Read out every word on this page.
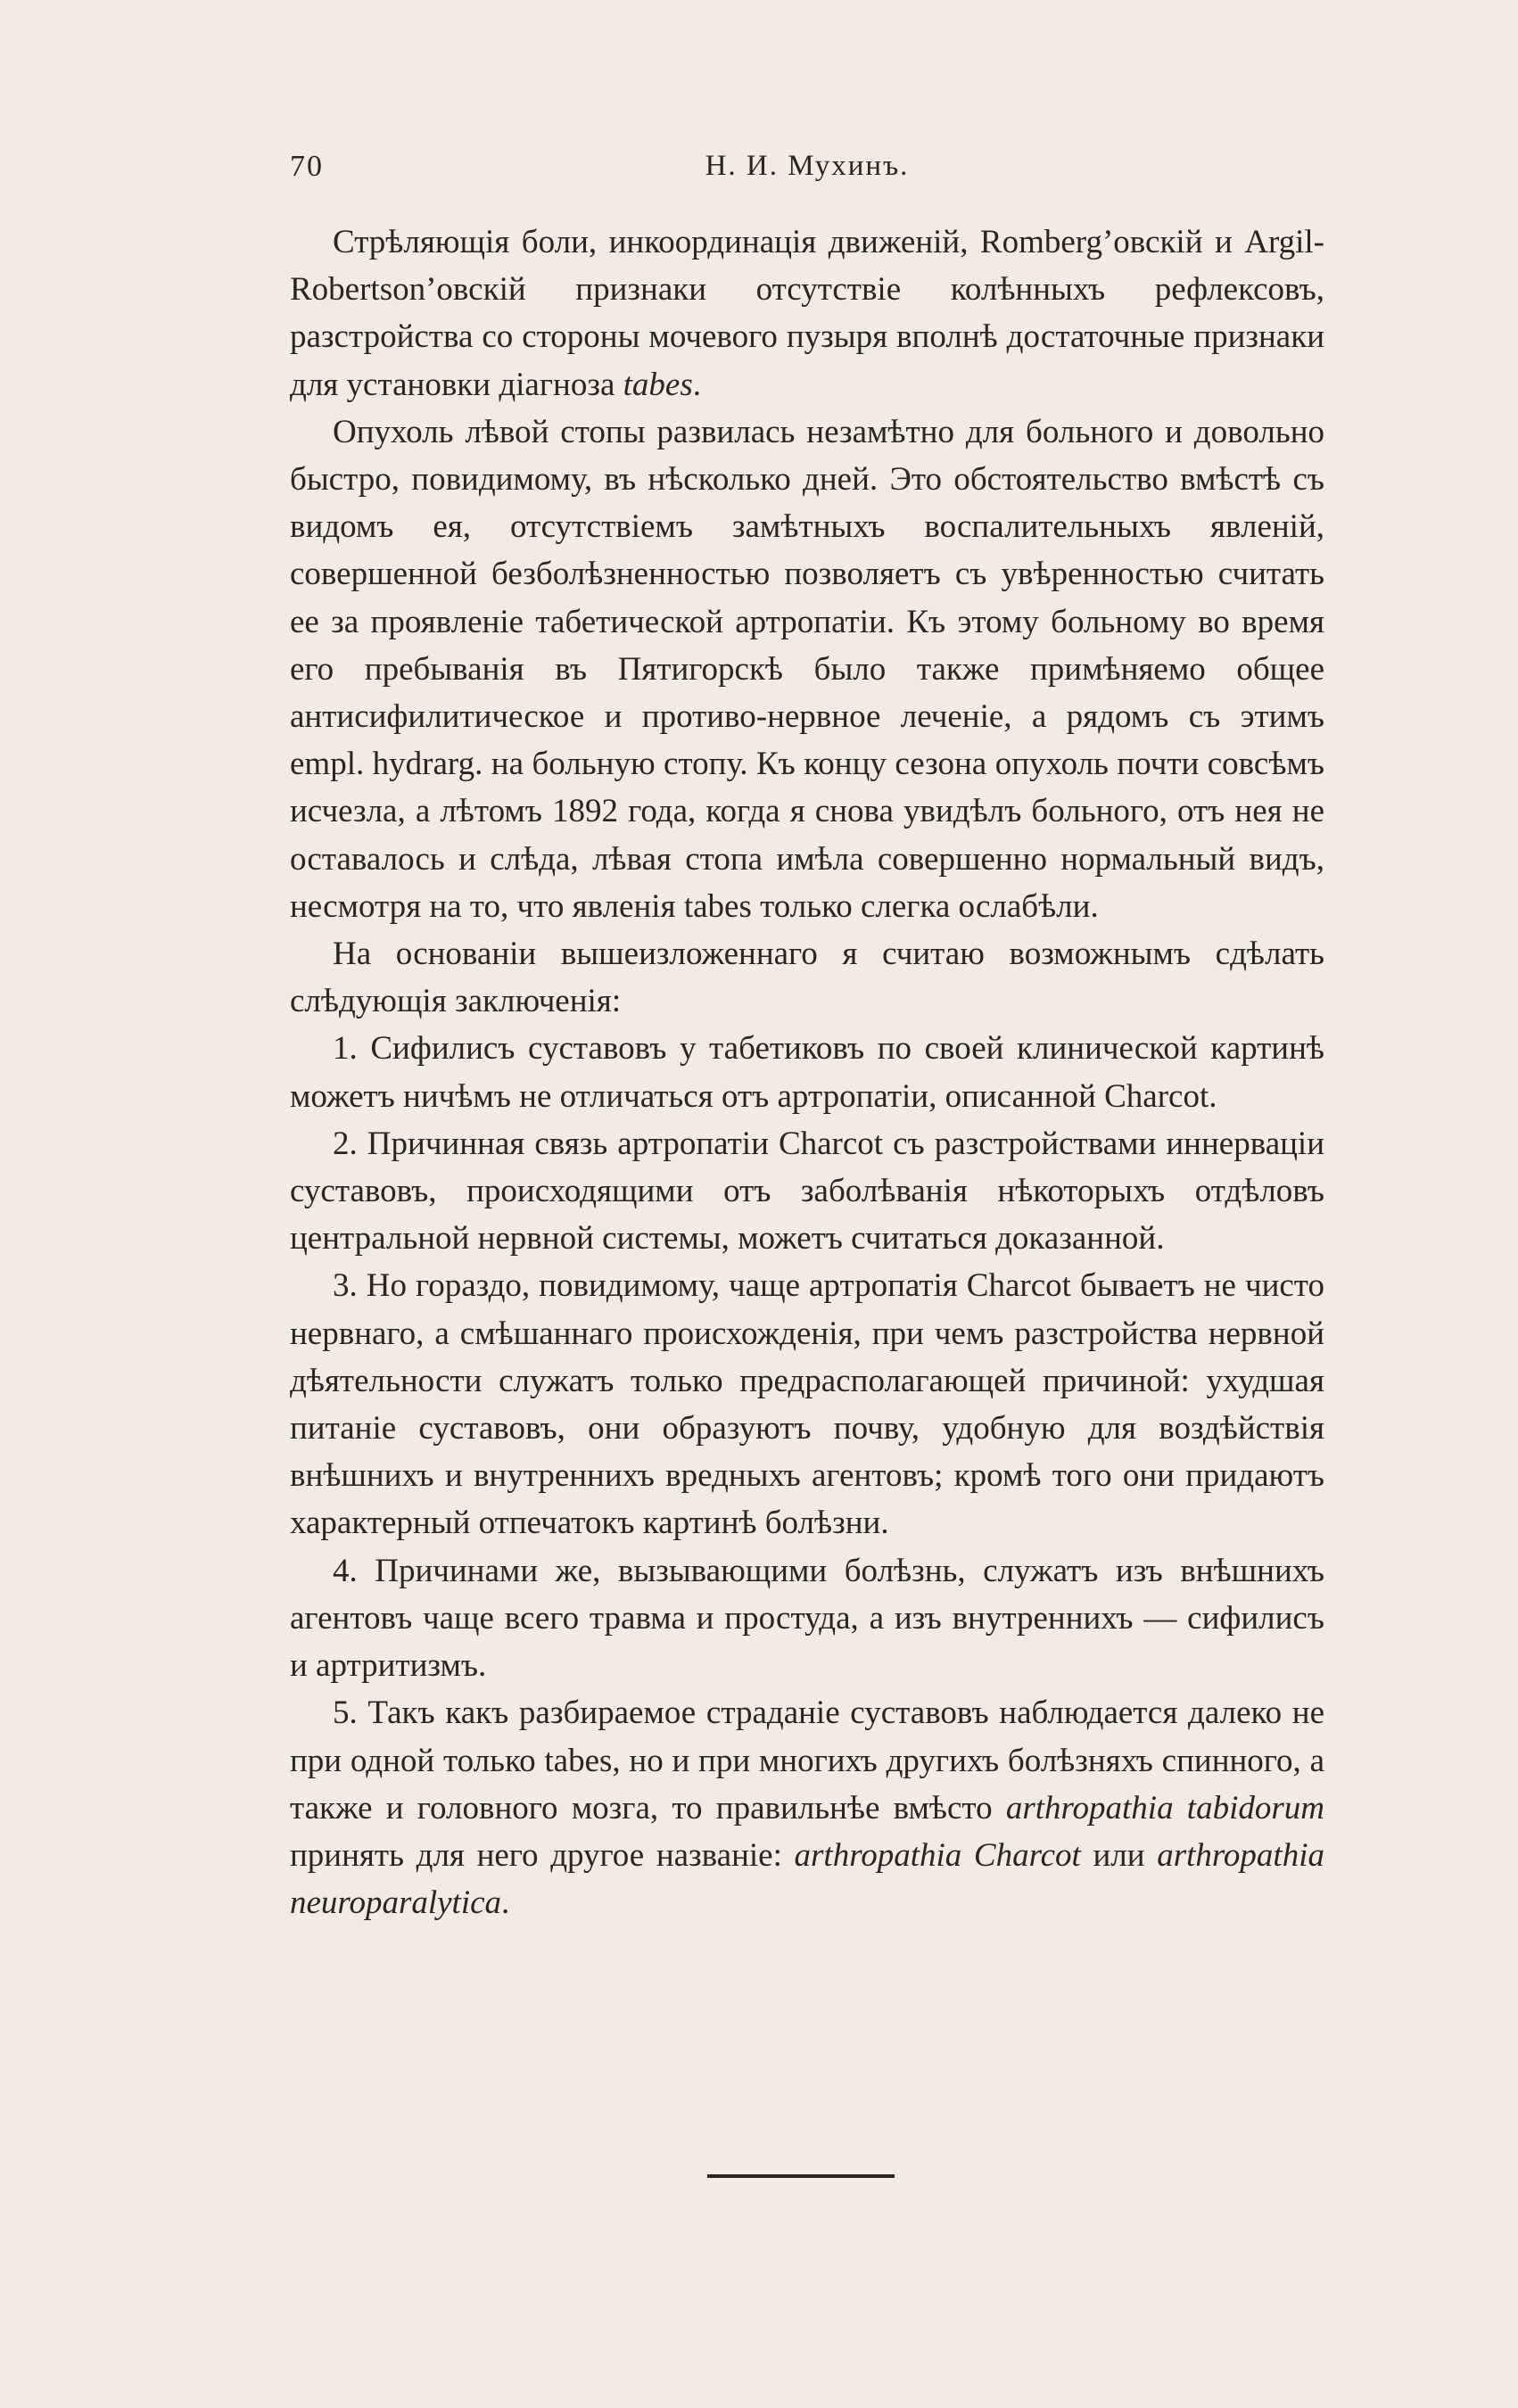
70	Н. И. Мухинъ.

Стрѣляющія боли, инкоординація движеній, Romberg’овскій и Argil-Robertson’овскій признаки отсутствіе колѣнныхъ рефлексовъ, разстройства со стороны мочевого пузыря вполнѣ достаточные признаки для установки діагноза tabes.

Опухоль лѣвой стопы развилась незамѣтно для больного и довольно быстро, повидимому, въ нѣсколько дней. Это обстоятельство вмѣстѣ съ видомъ ея, отсутствіемъ замѣтныхъ воспалительныхъ явленій, совершенной безболѣзненностью позволяетъ съ увѣренностью считать ее за проявленіе табетической артропатіи. Къ этому больному во время его пребыванія въ Пятигорскѣ было также примѣняемо общее антисифилитическое и противо-нервное леченіе, а рядомъ съ этимъ empl. hydrarg. на больную стопу. Къ концу сезона опухоль почти совсѣмъ исчезла, а лѣтомъ 1892 года, когда я снова увидѣлъ больного, отъ нея не оставалось и слѣда, лѣвая стопа имѣла совершенно нормальный видъ, несмотря на то, что явленія tabes только слегка ослабѣли.

На основаніи вышеизложеннаго я считаю возможнымъ сдѣлать слѣдующія заключенія:

1. Сифилисъ суставовъ у табетиковъ по своей клинической картинѣ можетъ ничѣмъ не отличаться отъ артропатіи, описанной Charcot.

2. Причинная связь артропатіи Charcot съ разстройствами иннерваціи суставовъ, происходящими отъ заболѣванія нѣкоторыхъ отдѣловъ центральной нервной системы, можетъ считаться доказанной.

3. Но гораздо, повидимому, чаще артропатія Charcot бываетъ не чисто нервнаго, а смѣшаннаго происхожденія, при чемъ разстройства нервной дѣятельности служатъ только предрасполагающей причиной: ухудшая питаніе суставовъ, они образуютъ почву, удобную для воздѣйствія внѣшнихъ и внутреннихъ вредныхъ агентовъ; кромѣ того они придаютъ характерный отпечатокъ картинѣ болѣзни.

4. Причинами же, вызывающими болѣзнь, служатъ изъ внѣшнихъ агентовъ чаще всего травма и простуда, а изъ внутреннихъ — сифилисъ и артритизмъ.

5. Такъ какъ разбираемое страданіе суставовъ наблюдается далеко не при одной только tabes, но и при многихъ другихъ болѣзняхъ спинного, а также и головного мозга, то правильнѣе вмѣсто arthropathia tabidorum принять для него другое названіе: arthropathia Charcot или arthropathia neuroparalytica.
